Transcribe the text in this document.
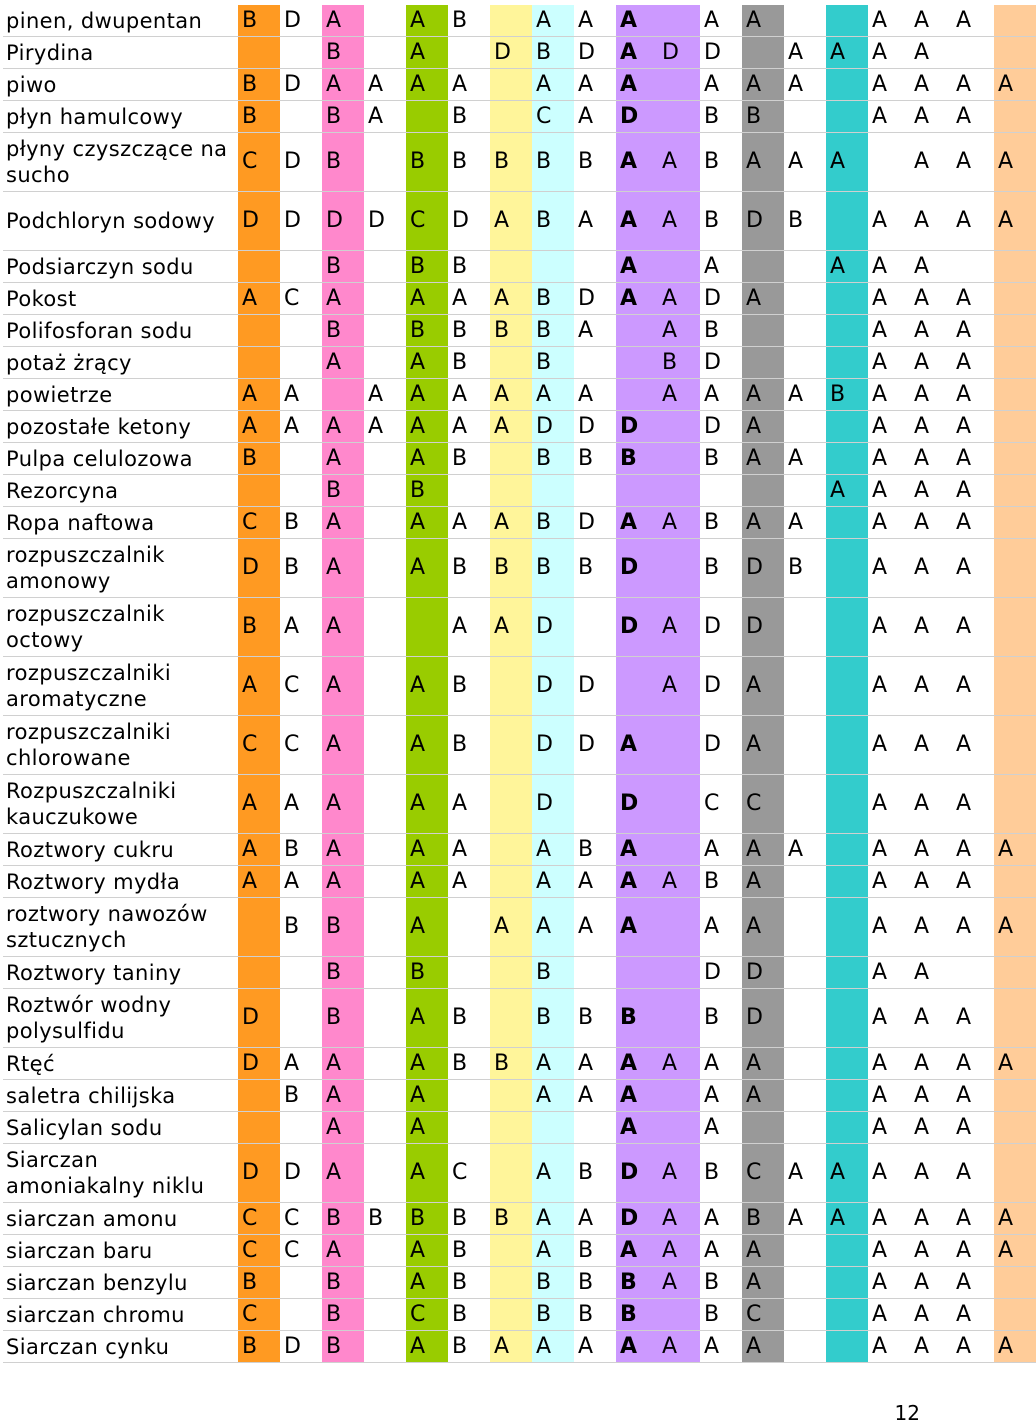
pinen, dwupentan	B	D	A		A	B		A	A	A		A	A			A	A	A	
Pirydina			B		A		D	B	D	A	D	D		A	A	A	A		
piwo	B	D	A	A	A	A		A	A	A		A	A	A		A	A	A	A
płyn hamulcowy	B		B	A		B		C	A	D		B	B			A	A	A	
płyny czyszczące na sucho	C	D	B		B	B	B	B	B	A	A	B	A	A	A		A	A	A
Podchloryn sodowy	D	D	D	D	C	D	A	B	A	A	A	B	D	B		A	A	A	A
Podsiarczyn sodu			B		B	B				A		A			A	A	A		
Pokost	A	C	A		A	A	A	B	D	A	A	D	A			A	A	A	
Polifosforan sodu			B		B	B	B	B	A		A	B				A	A	A	
potaż żrący			A		A	B		B			B	D				A	A	A	
powietrze	A	A		A	A	A	A	A	A		A	A	A	A	B	A	A	A	
pozostałe ketony	A	A	A	A	A	A	A	D	D	D		D	A			A	A	A	
Pulpa celulozowa	B		A		A	B		B	B	B		B	A	A		A	A	A	
Rezorcyna			B		B										A	A	A	A	
Ropa naftowa	C	B	A		A	A	A	B	D	A	A	B	A	A		A	A	A	
rozpuszczalnik amonowy	D	B	A		A	B	B	B	B	D		B	D	B		A	A	A	
rozpuszczalnik octowy	B	A	A			A	A	D		D	A	D	D			A	A	A	
rozpuszczalniki aromatyczne	A	C	A		A	B		D	D		A	D	A			A	A	A	
rozpuszczalniki chlorowane	C	C	A		A	B		D	D	A		D	A			A	A	A	
Rozpuszczalniki kauczukowe	A	A	A		A	A		D		D		C	C			A	A	A	
Roztwory cukru	A	B	A		A	A		A	B	A		A	A	A		A	A	A	A
Roztwory mydła	A	A	A		A	A		A	A	A	A	B	A			A	A	A	
roztwory nawozów sztucznych		B	B		A		A	A	A	A		A	A			A	A	A	A
Roztwory taniny			B		B			B				D	D			A	A		
Roztwór wodny polysulfidu	D		B		A	B		B	B	B		B	D			A	A	A	
Rtęć	D	A	A		A	B	B	A	A	A	A	A	A			A	A	A	A
saletra chilijska		B	A		A			A	A	A		A	A			A	A	A	
Salicylan sodu			A		A					A		A				A	A	A	
Siarczan amoniakalny niklu	D	D	A		A	C		A	B	D	A	B	C	A	A	A	A	A	
siarczan amonu	C	C	B	B	B	B	B	A	A	D	A	A	B	A	A	A	A	A	A
siarczan baru	C	C	A		A	B		A	B	A	A	A	A			A	A	A	A
siarczan benzylu	B		B		A	B		B	B	B	A	B	A			A	A	A	
siarczan chromu	C		B		C	B		B	B	B		B	C			A	A	A	
Siarczan cynku	B	D	B		A	B	A	A	A	A	A	A	A			A	A	A	A
12
